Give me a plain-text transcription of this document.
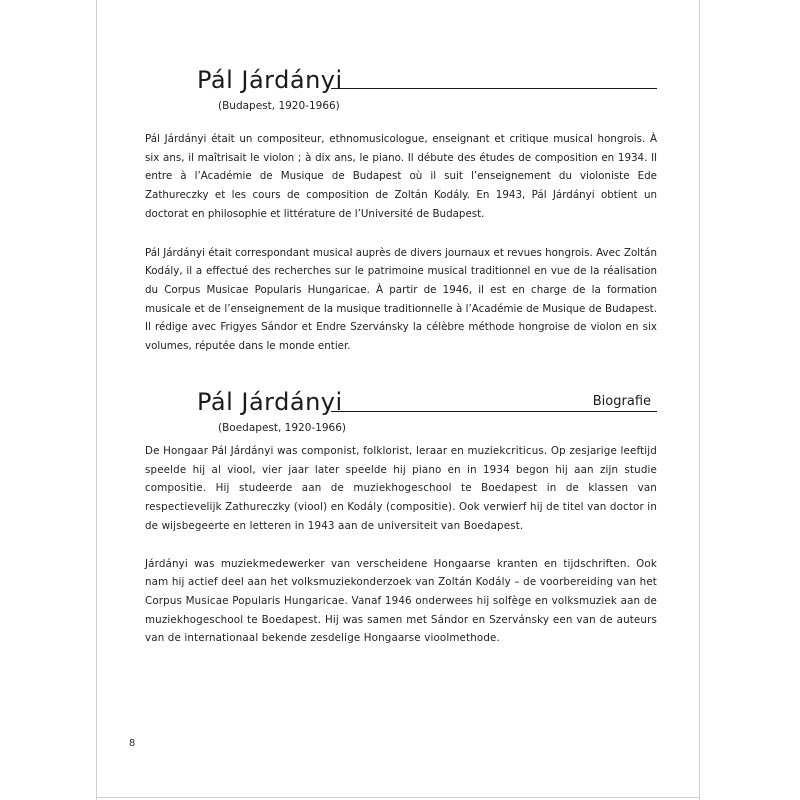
Pál Járdányi
(Budapest, 1920-1966)

Pál Járdányi était un compositeur, ethnomusicologue, enseignant et critique musical hongrois. À six ans, il maîtrisait le violon ; à dix ans, le piano. Il débute des études de composition en 1934. Il entre à l’Académie de Musique de Budapest où il suit l’enseignement du violoniste Ede Zathureczky et les cours de composition de Zoltán Kodály. En 1943, Pál Járdányi obtient un doctorat en philosophie et littérature de l’Université de Budapest.

Pál Járdányi était correspondant musical auprès de divers journaux et revues hongrois. Avec Zoltán Kodály, il a effectué des recherches sur le patrimoine musical traditionnel en vue de la réalisation du Corpus Musicae Popularis Hungaricae. À partir de 1946, il est en charge de la formation musicale et de l’enseignement de la musique traditionnelle à l’Académie de Musique de Budapest. Il rédige avec Frigyes Sándor et Endre Szervánsky la célèbre méthode hongroise de violon en six volumes, réputée dans le monde entier.

Pál Járdányi	Biografie
(Boedapest, 1920-1966)

De Hongaar Pál Járdányi was componist, folklorist, leraar en muziekcriticus. Op zesjarige leeftijd speelde hij al viool, vier jaar later speelde hij piano en in 1934 begon hij aan zijn studie compositie. Hij studeerde aan de muziekhogeschool te Boedapest in de klassen van respectievelijk Zathureczky (viool) en Kodály (compositie). Ook verwierf hij de titel van doctor in de wijsbegeerte en letteren in 1943 aan de universiteit van Boedapest.

Járdányi was muziekmedewerker van verscheidene Hongaarse kranten en tijdschriften. Ook nam hij actief deel aan het volksmuziekonderzoek van Zoltán Kodály – de voorbereiding van het Corpus Musicae Popularis Hungaricae. Vanaf 1946 onderwees hij solfège en volksmuziek aan de muziekhogeschool te Boedapest. Hij was samen met Sándor en Szervánsky een van de auteurs van de internationaal bekende zesdelige Hongaarse vioolmethode.

8
